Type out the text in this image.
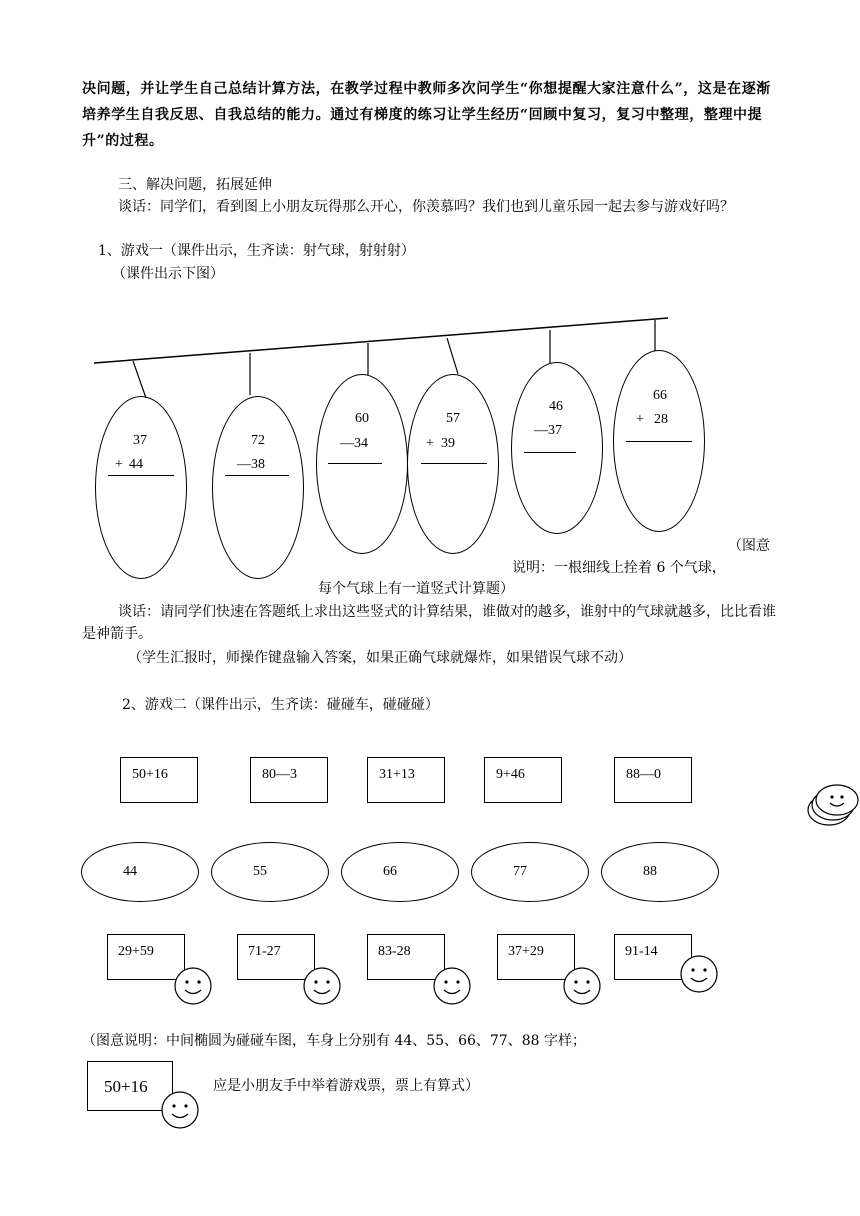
决问题，并让学生自己总结计算方法，在教学过程中教师多次问学生“你想提醒大家注意什么”，这是在逐渐培养学生自我反思、自我总结的能力。通过有梯度的练习让学生经历“回顾中复习，复习中整理，整理中提升”的过程。
三、解决问题，拓展延伸
谈话：同学们，看到图上小朋友玩得那么开心，你羡慕吗？我们也到儿童乐园一起去参与游戏好吗？
1、游戏一（课件出示，生齐读：射气球，射射射）
（课件出示下图）
37
+ 44
72
— 38
60
— 34
57
+ 39
46
— 37
66
+ 28
（图意
说明：一根细线上拴着 6 个气球，
每个气球上有一道竖式计算题）
谈话：请同学们快速在答题纸上求出这些竖式的计算结果，谁做对的越多，谁射中的气球就越多，比比看谁是神箭手。
（学生汇报时，师操作键盘输入答案，如果正确气球就爆炸，如果错误气球不动）
2、游戏二（课件出示，生齐读：碰碰车，碰碰碰）
50+16	80—3	31+13	9+46	88—0
44	55	66	77	88
29+59	71-27	83-28	37+29	91-14
（图意说明：中间椭圆为碰碰车图，车身上分别有 44、55、66、77、88 字样；
50+16	应是小朋友手中举着游戏票，票上有算式）
